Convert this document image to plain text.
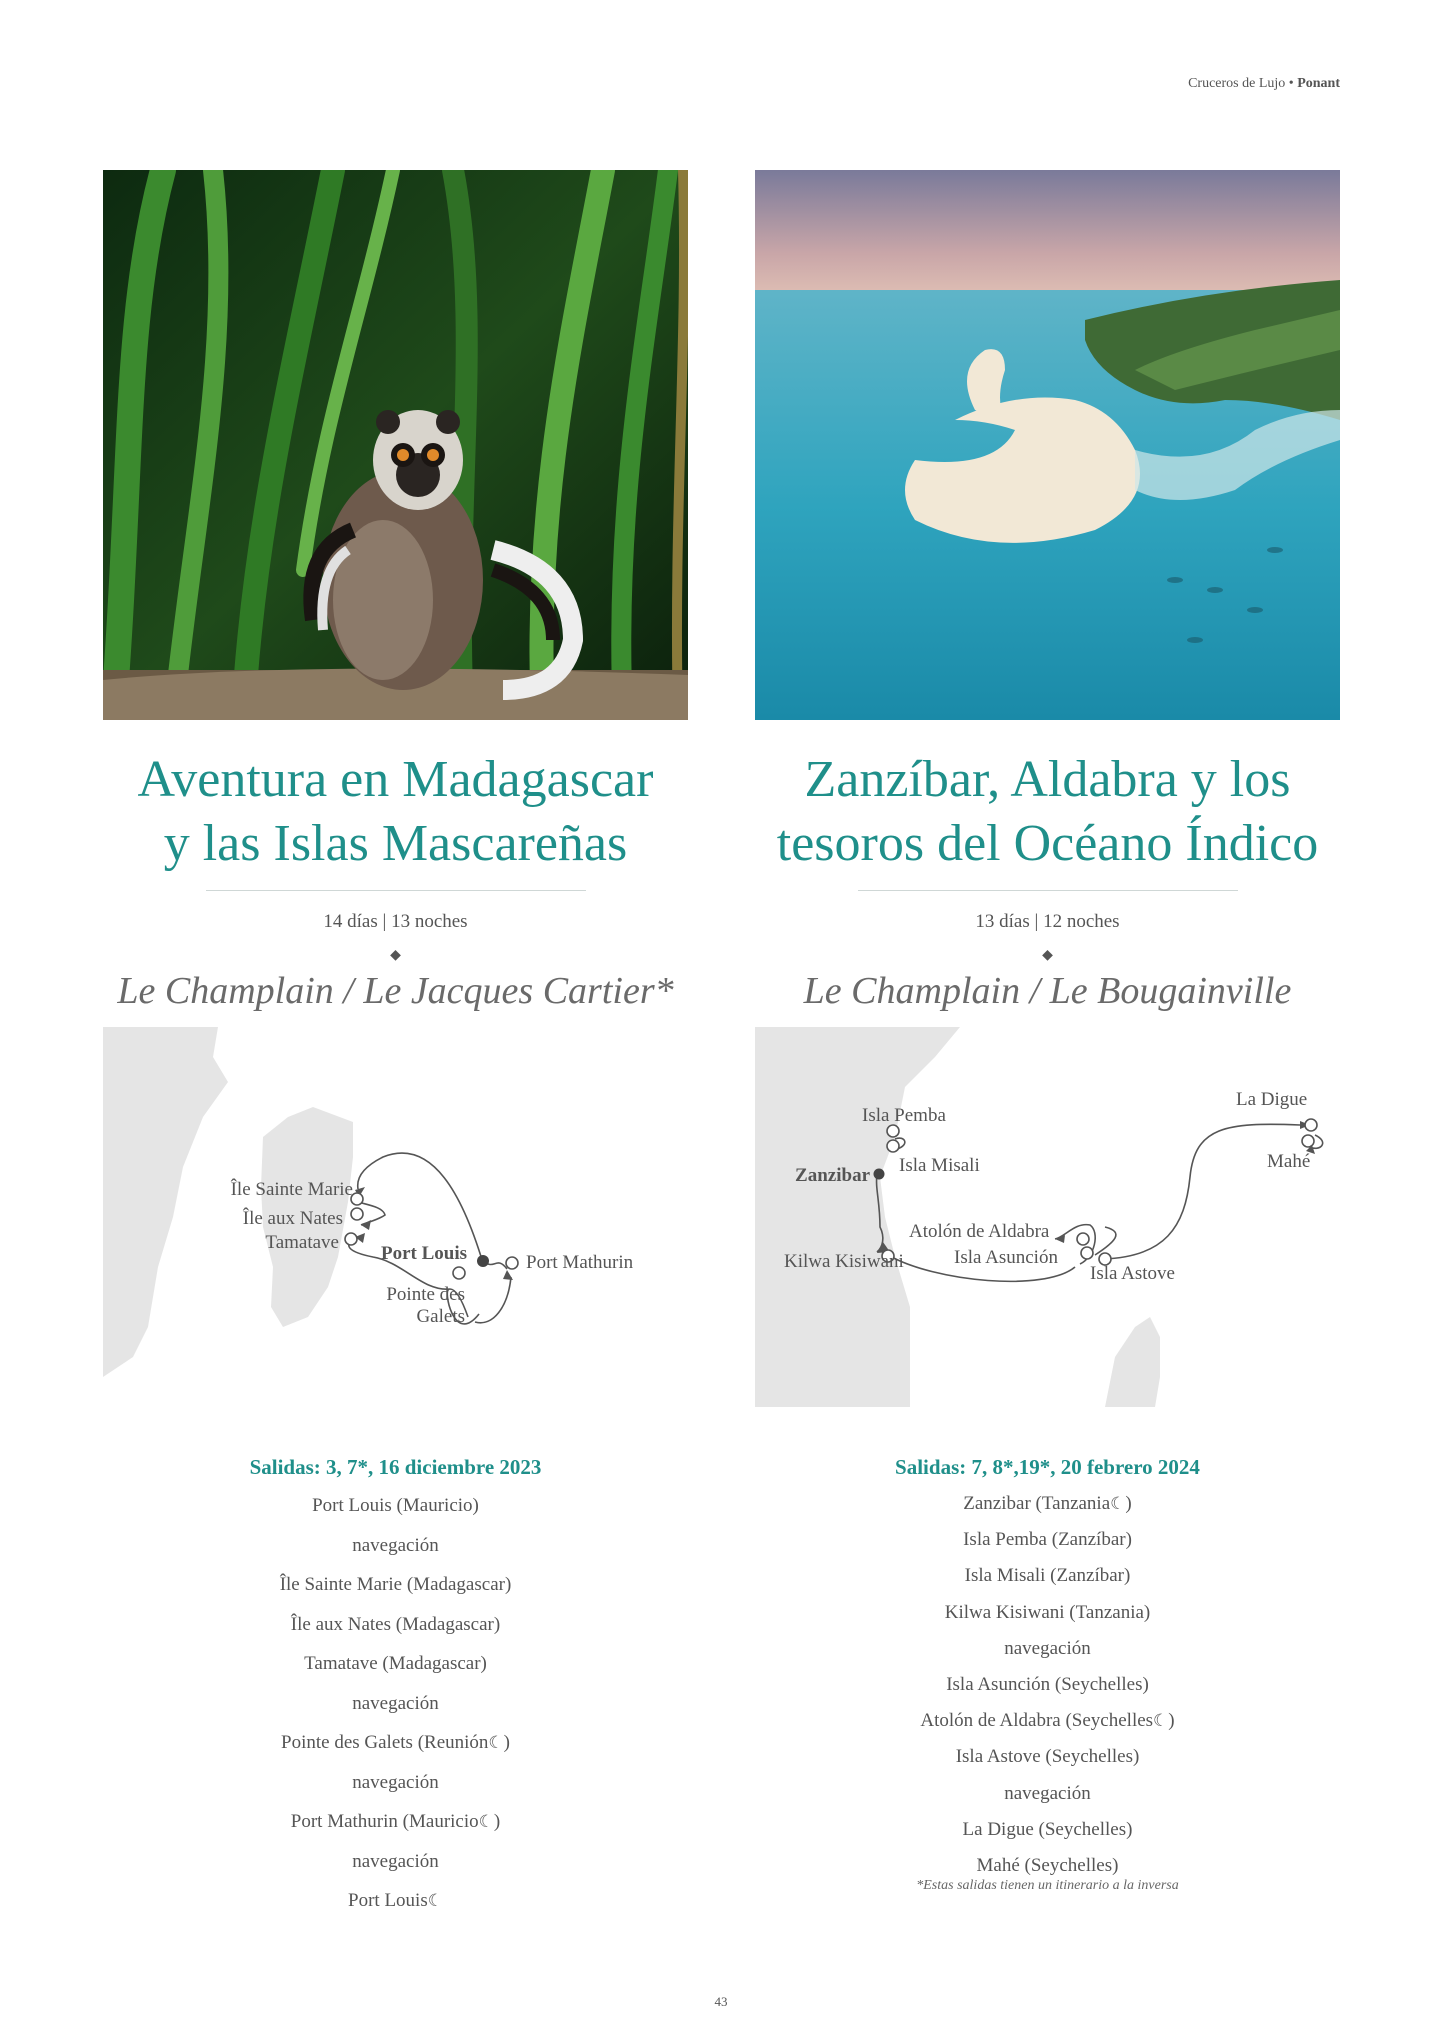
Cruceros de Lujo • Ponant
Aventura en Madagascar
y las Islas Mascareñas
14 días | 13 noches
◆
Le Champlain / Le Jacques Cartier*
Île Sainte Marie
Île aux Nates
Tamatave
Port Louis	Port Mathurin
Pointe des
Galets
Salidas: 3, 7*, 16 diciembre 2023
Port Louis (Mauricio)
navegación
Île Sainte Marie (Madagascar)
Île aux Nates (Madagascar)
Tamatave (Madagascar)
navegación
Pointe des Galets (Reunión☾)
navegación
Port Mathurin (Mauricio☾)
navegación
Port Louis☾
Zanzíbar, Aldabra y los
tesoros del Océano Índico
13 días | 12 noches
◆
Le Champlain / Le Bougainville
Isla Pemba
Isla Misali
Zanzibar
Kilwa Kisiwani
Atolón de Aldabra
Isla Asunción
Isla Astove
La Digue
Mahé
Salidas: 7, 8*,19*, 20 febrero 2024
Zanzibar (Tanzania☾)
Isla Pemba (Zanzíbar)
Isla Misali (Zanzíbar)
Kilwa Kisiwani (Tanzania)
navegación
Isla Asunción (Seychelles)
Atolón de Aldabra (Seychelles☾)
Isla Astove (Seychelles)
navegación
La Digue (Seychelles)
Mahé (Seychelles)
*Estas salidas tienen un itinerario a la inversa
43
